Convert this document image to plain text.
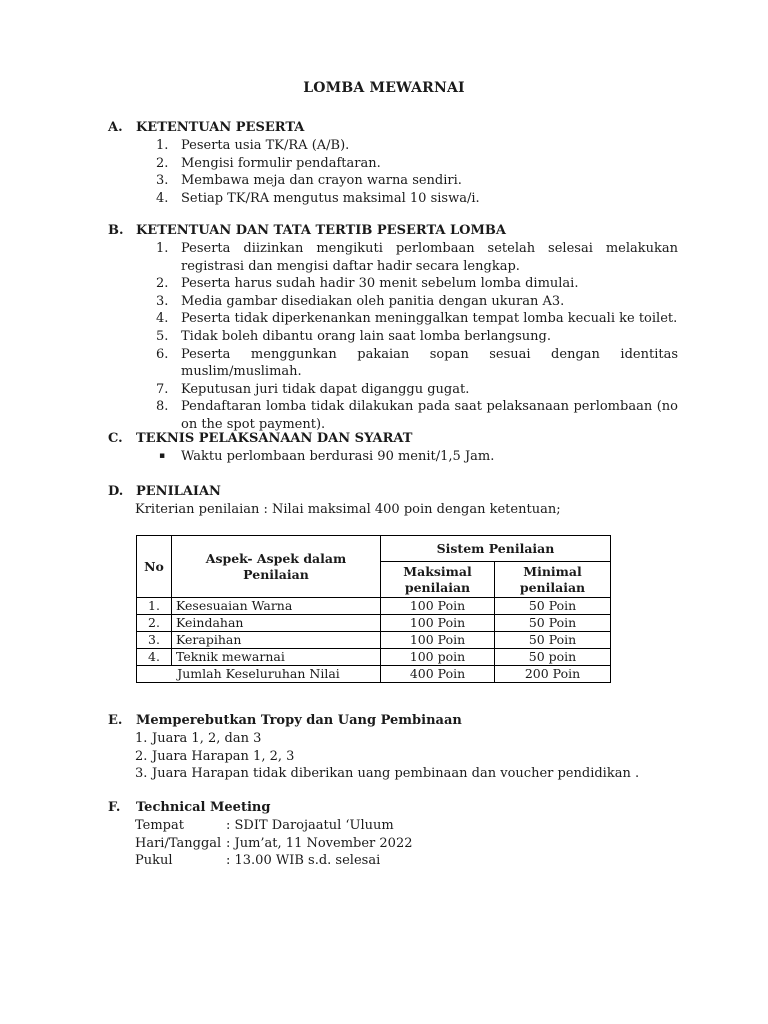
LOMBA MEWARNAI
A. KETENTUAN PESERTA
1. Peserta usia TK/RA (A/B).
2. Mengisi formulir pendaftaran.
3. Membawa meja dan crayon warna sendiri.
4. Setiap TK/RA mengutus maksimal 10 siswa/i.
B. KETENTUAN DAN TATA TERTIB PESERTA LOMBA
1. Peserta diizinkan mengikuti perlombaan setelah selesai melakukan registrasi dan mengisi daftar hadir secara lengkap.
2. Peserta harus sudah hadir 30 menit sebelum lomba dimulai.
3. Media gambar disediakan oleh panitia dengan ukuran A3.
4. Peserta tidak diperkenankan meninggalkan tempat lomba kecuali ke toilet.
5. Tidak boleh dibantu orang lain saat lomba berlangsung.
6. Peserta menggunkan pakaian sopan sesuai dengan identitas muslim/muslimah.
7. Keputusan juri tidak dapat diganggu gugat.
8. Pendaftaran lomba tidak dilakukan pada saat pelaksanaan perlombaan (no on the spot payment).
C. TEKNIS PELAKSANAAN DAN SYARAT
▪ Waktu perlombaan berdurasi 90 menit/1,5 Jam.
D. PENILAIAN
Kriterian penilaian : Nilai maksimal 400 poin dengan ketentuan;
No	Aspek- Aspek dalam Penilaian	Sistem Penilaian	
		Maksimal penilaian	Minimal penilaian
1.	Kesesuaian Warna	100 Poin	50 Poin
2.	Keindahan	100 Poin	50 Poin
3.	Kerapihan	100 Poin	50 Poin
4.	Teknik mewarnai	100 poin	50 poin
Jumlah Keseluruhan Nilai		400 Poin	200 Poin
E. Memperebutkan Tropy dan Uang Pembinaan
1. Juara 1, 2, dan 3
2. Juara Harapan 1, 2, 3
3. Juara Harapan tidak diberikan uang pembinaan dan voucher pendidikan .
F. Technical Meeting
Tempat	: SDIT Darojaatul ‘Uluum
Hari/Tanggal : Jum’at, 11 November 2022
Pukul	: 13.00 WIB s.d. selesai
